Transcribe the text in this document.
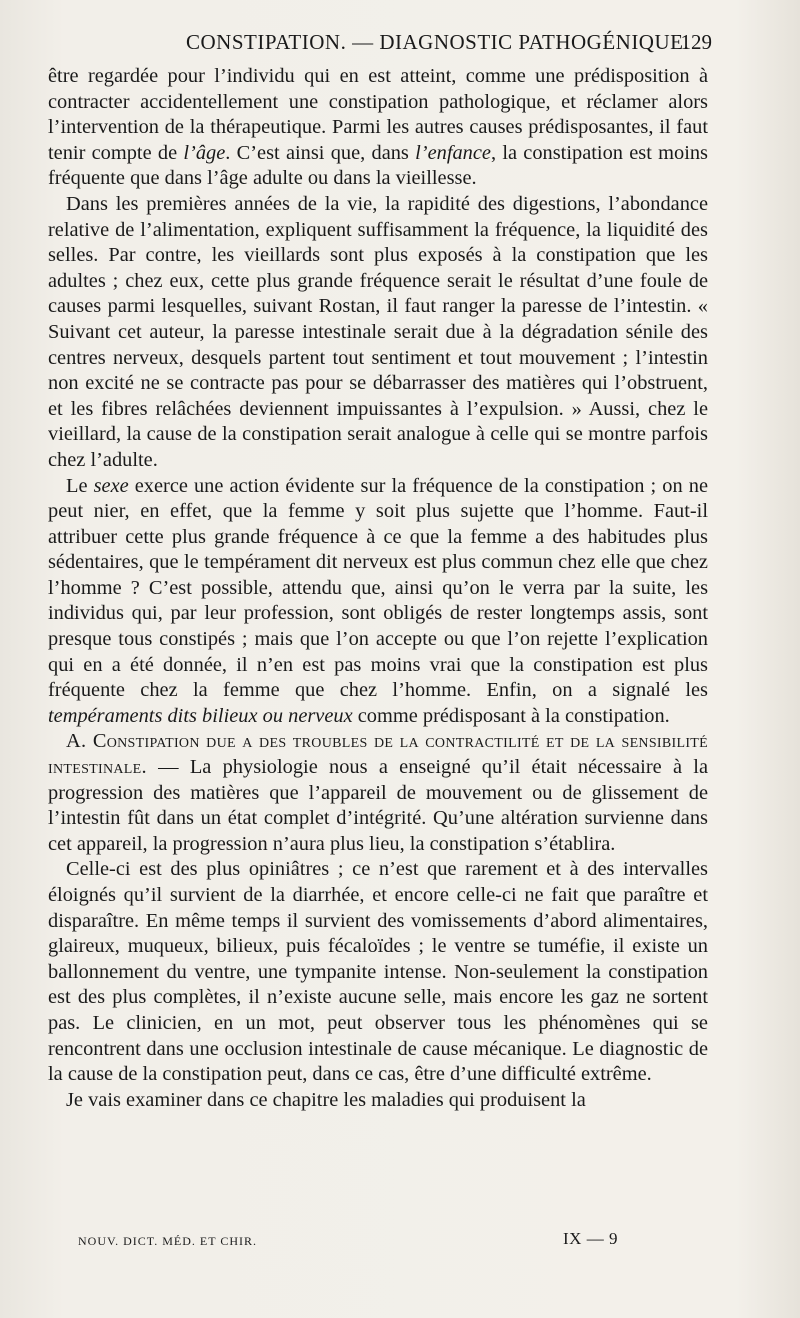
CONSTIPATION. — DIAGNOSTIC PATHOGÉNIQUE.
129

être regardée pour l’individu qui en est atteint, comme une prédisposition à contracter accidentellement une constipation pathologique, et réclamer alors l’intervention de la thérapeutique. Parmi les autres causes prédisposantes, il faut tenir compte de l’âge. C’est ainsi que, dans l’enfance, la constipation est moins fréquente que dans l’âge adulte ou dans la vieillesse.

Dans les premières années de la vie, la rapidité des digestions, l’abondance relative de l’alimentation, expliquent suffisamment la fréquence, la liquidité des selles. Par contre, les vieillards sont plus exposés à la constipation que les adultes ; chez eux, cette plus grande fréquence serait le résultat d’une foule de causes parmi lesquelles, suivant Rostan, il faut ranger la paresse de l’intestin. « Suivant cet auteur, la paresse intestinale serait due à la dégradation sénile des centres nerveux, desquels partent tout sentiment et tout mouvement ; l’intestin non excité ne se contracte pas pour se débarrasser des matières qui l’obstruent, et les fibres relâchées deviennent impuissantes à l’expulsion. » Aussi, chez le vieillard, la cause de la constipation serait analogue à celle qui se montre parfois chez l’adulte.

Le sexe exerce une action évidente sur la fréquence de la constipation ; on ne peut nier, en effet, que la femme y soit plus sujette que l’homme. Faut-il attribuer cette plus grande fréquence à ce que la femme a des habitudes plus sédentaires, que le tempérament dit nerveux est plus commun chez elle que chez l’homme ? C’est possible, attendu que, ainsi qu’on le verra par la suite, les individus qui, par leur profession, sont obligés de rester longtemps assis, sont presque tous constipés ; mais que l’on accepte ou que l’on rejette l’explication qui en a été donnée, il n’en est pas moins vrai que la constipation est plus fréquente chez la femme que chez l’homme. Enfin, on a signalé les tempéraments dits bilieux ou nerveux comme prédisposant à la constipation.

A. Constipation due a des troubles de la contractilité et de la sensibilité intestinale. — La physiologie nous a enseigné qu’il était nécessaire à la progression des matières que l’appareil de mouvement ou de glissement de l’intestin fût dans un état complet d’intégrité. Qu’une altération survienne dans cet appareil, la progression n’aura plus lieu, la constipation s’établira.

Celle-ci est des plus opiniâtres ; ce n’est que rarement et à des intervalles éloignés qu’il survient de la diarrhée, et encore celle-ci ne fait que paraître et disparaître. En même temps il survient des vomissements d’abord alimentaires, glaireux, muqueux, bilieux, puis fécaloïdes ; le ventre se tuméfie, il existe un ballonnement du ventre, une tympanite intense. Non-seulement la constipation est des plus complètes, il n’existe aucune selle, mais encore les gaz ne sortent pas. Le clinicien, en un mot, peut observer tous les phénomènes qui se rencontrent dans une occlusion intestinale de cause mécanique. Le diagnostic de la cause de la constipation peut, dans ce cas, être d’une difficulté extrême.

Je vais examiner dans ce chapitre les maladies qui produisent la

NOUV. DICT. MÉD. ET CHIR.	IX — 9
